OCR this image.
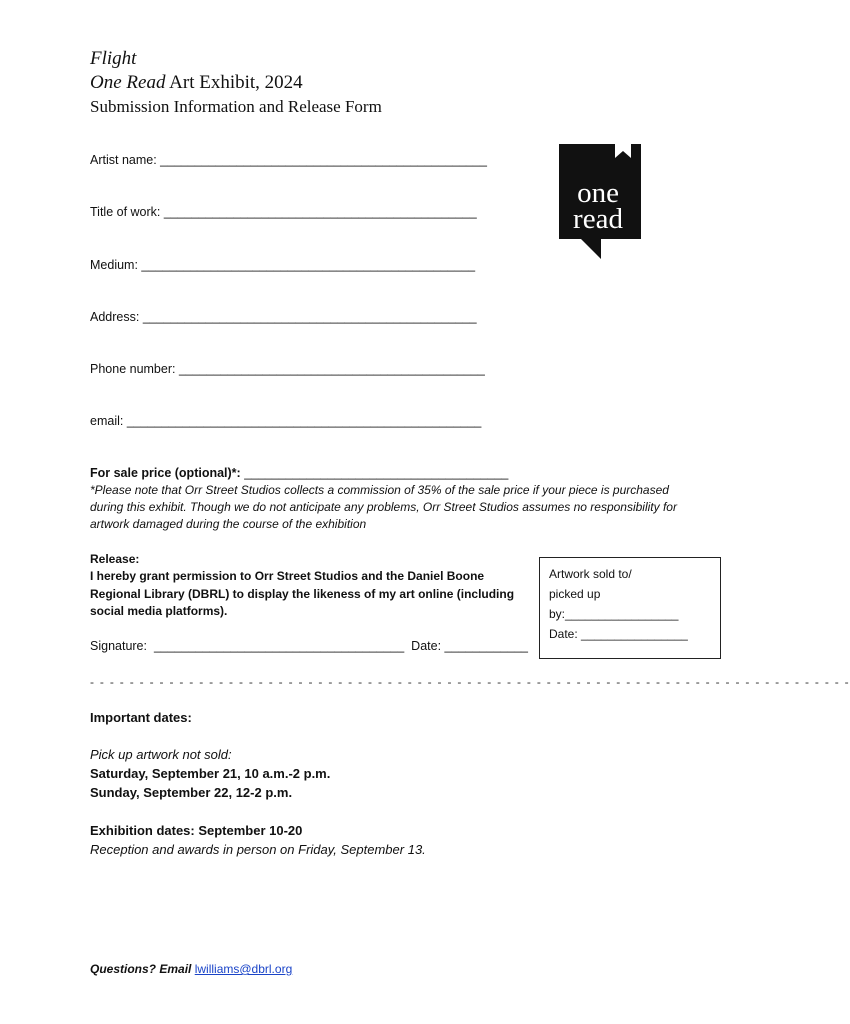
Flight
One Read Art Exhibit, 2024
Submission Information and Release Form
one
read
Artist name: _______________________________________________
Title of work: _____________________________________________
Medium: ________________________________________________
Address: ________________________________________________
Phone number: ____________________________________________
email: ___________________________________________________
For sale price (optional)*: ______________________________________
*Please note that Orr Street Studios collects a commission of 35% of the sale price if your piece is purchased during this exhibit. Though we do not anticipate any problems, Orr Street Studios assumes no responsibility for artwork damaged during the course of the exhibition
Release:
I hereby grant permission to Orr Street Studios and the Daniel Boone Regional Library (DBRL) to display the likeness of my art online (including social media platforms).
Signature: ____________________________________ Date: ____________
Artwork sold to/
picked up
by:_________________
Date: ________________
- - - - - - - - - - - - - - - - - - - - - - - - - - - - - - - - - - - - - - - - - - - - - - - - - - - - - - - - - - - - - - - - - - - - - - - - - - - - -
Important dates:
Pick up artwork not sold:
Saturday, September 21, 10 a.m.-2 p.m.
Sunday, September 22, 12-2 p.m.
Exhibition dates: September 10-20
Reception and awards in person on Friday, September 13.
Questions? Email lwilliams@dbrl.org
